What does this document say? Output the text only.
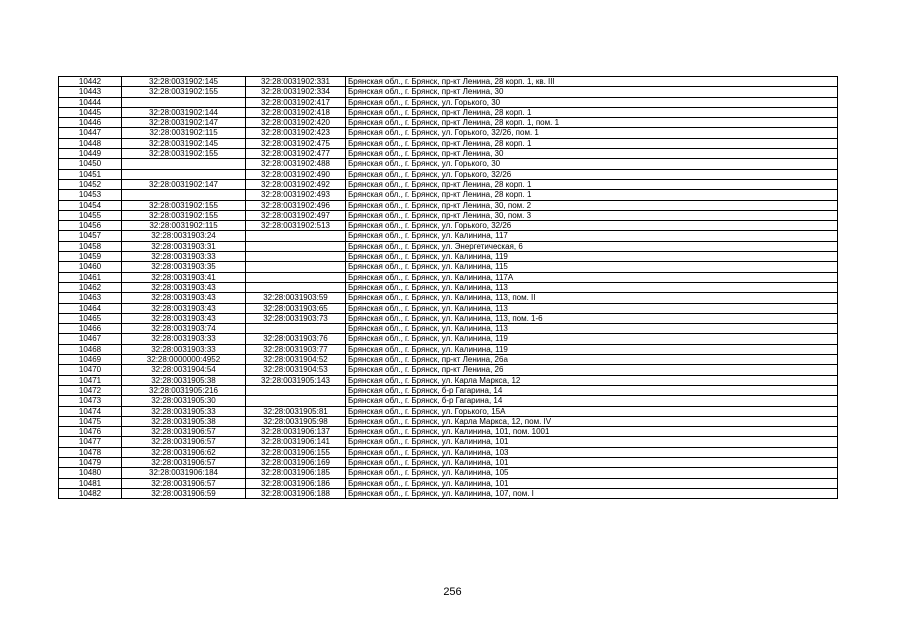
10442	32:28:0031902:145	32:28:0031902:331	Брянская обл., г. Брянск, пр-кт Ленина, 28 корп. 1, кв. III
10443	32:28:0031902:155	32:28:0031902:334	Брянская обл., г. Брянск, пр-кт Ленина, 30
10444		32:28:0031902:417	Брянская обл., г. Брянск, ул. Горького, 30
10445	32:28:0031902:144	32:28:0031902:418	Брянская обл., г. Брянск, пр-кт Ленина, 28 корп. 1
10446	32:28:0031902:147	32:28:0031902:420	Брянская обл., г. Брянск, пр-кт Ленина, 28 корп. 1, пом. 1
10447	32:28:0031902:115	32:28:0031902:423	Брянская обл., г. Брянск, ул. Горького, 32/26, пом. 1
10448	32:28:0031902:145	32:28:0031902:475	Брянская обл., г. Брянск, пр-кт Ленина, 28 корп. 1
10449	32:28:0031902:155	32:28:0031902:477	Брянская обл., г. Брянск, пр-кт Ленина, 30
10450		32:28:0031902:488	Брянская обл., г. Брянск, ул. Горького, 30
10451		32:28:0031902:490	Брянская обл., г. Брянск, ул. Горького, 32/26
10452	32:28:0031902:147	32:28:0031902:492	Брянская обл., г. Брянск, пр-кт Ленина, 28 корп. 1
10453		32:28:0031902:493	Брянская обл., г. Брянск, пр-кт Ленина, 28 корп. 1
10454	32:28:0031902:155	32:28:0031902:496	Брянская обл., г. Брянск, пр-кт Ленина, 30, пом. 2
10455	32:28:0031902:155	32:28:0031902:497	Брянская обл., г. Брянск, пр-кт Ленина, 30, пом. 3
10456	32:28:0031902:115	32:28:0031902:513	Брянская обл., г. Брянск, ул. Горького, 32/26
10457	32:28:0031903:24		Брянская обл., г. Брянск, ул. Калинина, 117
10458	32:28:0031903:31		Брянская обл., г. Брянск, ул. Энергетическая, 6
10459	32:28:0031903:33		Брянская обл., г. Брянск, ул. Калинина, 119
10460	32:28:0031903:35		Брянская обл., г. Брянск, ул. Калинина, 115
10461	32:28:0031903:41		Брянская обл., г. Брянск, ул. Калинина, 117А
10462	32:28:0031903:43		Брянская обл., г. Брянск, ул. Калинина, 113
10463	32:28:0031903:43	32:28:0031903:59	Брянская обл., г. Брянск, ул. Калинина, 113, пом. II
10464	32:28:0031903:43	32:28:0031903:65	Брянская обл., г. Брянск, ул. Калинина, 113
10465	32:28:0031903:43	32:28:0031903:73	Брянская обл., г. Брянск, ул. Калинина, 113, пом. 1-6
10466	32:28:0031903:74		Брянская обл., г. Брянск, ул. Калинина, 113
10467	32:28:0031903:33	32:28:0031903:76	Брянская обл., г. Брянск, ул. Калинина, 119
10468	32:28:0031903:33	32:28:0031903:77	Брянская обл., г. Брянск, ул. Калинина, 119
10469	32:28:0000000:4952	32:28:0031904:52	Брянская обл., г. Брянск, пр-кт Ленина, 26а
10470	32:28:0031904:54	32:28:0031904:53	Брянская обл., г. Брянск, пр-кт Ленина, 26
10471	32:28:0031905:38	32:28:0031905:143	Брянская обл., г. Брянск, ул. Карла Маркса, 12
10472	32:28:0031905:216		Брянская обл., г. Брянск, б-р Гагарина, 14
10473	32:28:0031905:30		Брянская обл., г. Брянск, б-р Гагарина, 14
10474	32:28:0031905:33	32:28:0031905:81	Брянская обл., г. Брянск, ул. Горького, 15А
10475	32:28:0031905:38	32:28:0031905:98	Брянская обл., г. Брянск, ул. Карла Маркса, 12, пом. IV
10476	32:28:0031906:57	32:28:0031906:137	Брянская обл., г. Брянск, ул. Калинина, 101, пом. 1001
10477	32:28:0031906:57	32:28:0031906:141	Брянская обл., г. Брянск, ул. Калинина, 101
10478	32:28:0031906:62	32:28:0031906:155	Брянская обл., г. Брянск, ул. Калинина, 103
10479	32:28:0031906:57	32:28:0031906:169	Брянская обл., г. Брянск, ул. Калинина, 101
10480	32:28:0031906:184	32:28:0031906:185	Брянская обл., г. Брянск, ул. Калинина, 105
10481	32:28:0031906:57	32:28:0031906:186	Брянская обл., г. Брянск, ул. Калинина, 101
10482	32:28:0031906:59	32:28:0031906:188	Брянская обл., г. Брянск, ул. Калинина, 107, пом. I
256
